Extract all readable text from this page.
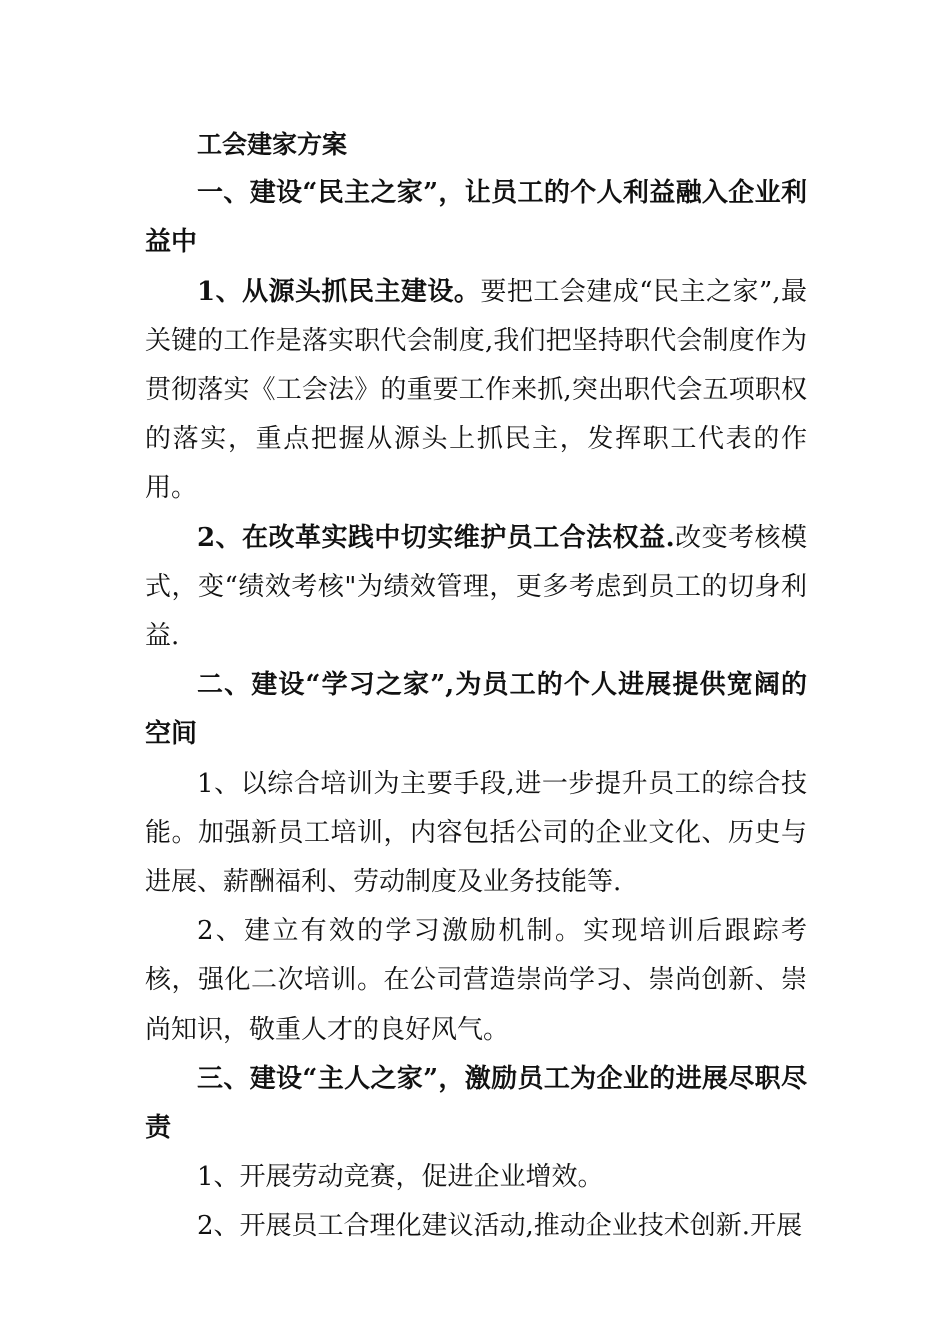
工会建家方案

一、建设“民主之家”，让员工的个人利益融入企业利益中

1、从源头抓民主建设。要把工会建成“民主之家”,最关键的工作是落实职代会制度,我们把坚持职代会制度作为贯彻落实《工会法》的重要工作来抓,突出职代会五项职权的落实，重点把握从源头上抓民主，发挥职工代表的作用。

2、在改革实践中切实维护员工合法权益.改变考核模式，变“绩效考核"为绩效管理，更多考虑到员工的切身利益.

二、建设“学习之家”,为员工的个人进展提供宽阔的空间

1、以综合培训为主要手段,进一步提升员工的综合技能。加强新员工培训，内容包括公司的企业文化、历史与进展、薪酬福利、劳动制度及业务技能等.

2、建立有效的学习激励机制。实现培训后跟踪考核，强化二次培训。在公司营造崇尚学习、崇尚创新、崇尚知识，敬重人才的良好风气。

三、建设“主人之家”，激励员工为企业的进展尽职尽责

1、开展劳动竞赛，促进企业增效。

2、开展员工合理化建议活动,推动企业技术创新.开展
